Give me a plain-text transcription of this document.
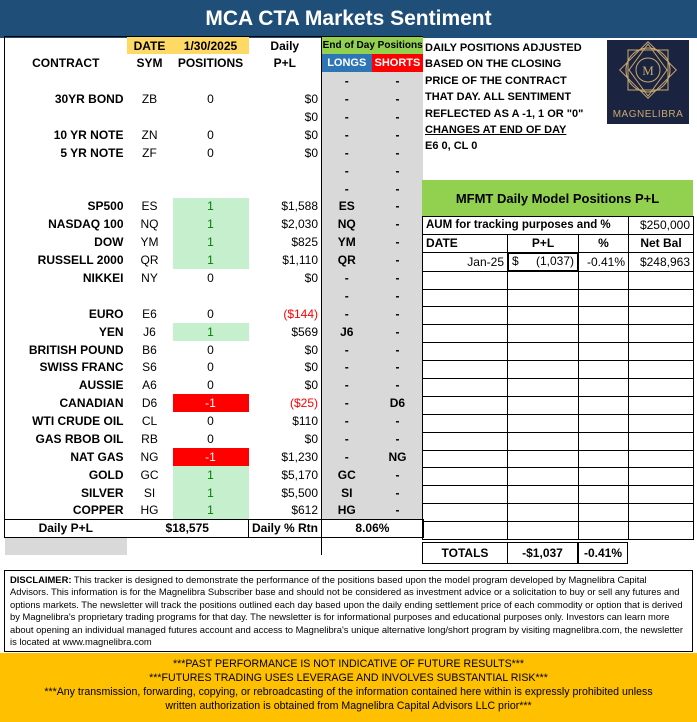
MCA CTA Markets Sentiment
	DATE	1/30/2025	Daily	End of Day Positions	
CONTRACT	SYM	POSITIONS	P+L	LONGS	SHORTS
				-	-
30YR BOND	ZB	0	$0	-	-
			$0	-	-
10 YR NOTE	ZN	0	$0	-	-
5 YR NOTE	ZF	0	$0	-	-
				-	-
				-	-
SP500	ES	1	$1,588	ES	-
NASDAQ 100	NQ	1	$2,030	NQ	-
DOW	YM	1	$825	YM	-
RUSSELL 2000	QR	1	$1,110	QR	-
NIKKEI	NY	0	$0	-	-
				-	-
EURO	E6	0	($144)	-	-
YEN	J6	1	$569	J6	-
BRITISH POUND	B6	0	$0	-	-
SWISS FRANC	S6	0	$0	-	-
AUSSIE	A6	0	$0	-	-
CANADIAN	D6	-1	($25)	-	D6
WTI CRUDE OIL	CL	0	$110	-	-
GAS RBOB OIL	RB	0	$0	-	-
NAT GAS	NG	-1	$1,230	-	NG
GOLD	GC	1	$5,170	GC	-
SILVER	SI	1	$5,500	SI	-
COPPER	HG	1	$612	HG	-
Daily P+L	$18,575		Daily % Rtn	8.06%	

DAILY POSITIONS ADJUSTED
BASED ON THE CLOSING
PRICE OF THE CONTRACT
THAT DAY. ALL SENTIMENT
REFLECTED AS A -1, 1 OR "0"
CHANGES AT END OF DAY
E6 0, CL 0
M
MAGNELIBRA
MFMT Daily Model Positions P+L
AUM for tracking purposes and %			$250,000
DATE	P+L	%	Net Bal
Jan-25	$ (1,037) -0.41%	$248,963

TOTALS	-$1,037	-0.41%
DISCLAIMER: This tracker is designed to demonstrate the performance of the positions based upon the model program developed by Magnelibra Capital Advisors. This information is for the Magnelibra Subscriber base and should not be considered as investment advice or a solicitation to buy or sell any futures and options markets. The newsletter will track the positions outlined each day based upon the daily ending settlement price of each commodity or option that is derived by Magnelibra's proprietary trading programs for that day. The newsletter is for informational purposes and educational purposes only. Investors can learn more about opening an individual managed futures account and access to Magnelibra's unique alternative long/short program by visiting magnelibra.com, the newsletter is located at www.magnelibra.com
***PAST PERFORMANCE IS NOT INDICATIVE OF FUTURE RESULTS***
***FUTURES TRADING USES LEVERAGE AND INVOLVES SUBSTANTIAL RISK***
***Any transmission, forwarding, copying, or rebroadcasting of the information contained here within is expressly prohibited unless
written authorization is obtained from Magnelibra Capital Advisors LLC prior***
